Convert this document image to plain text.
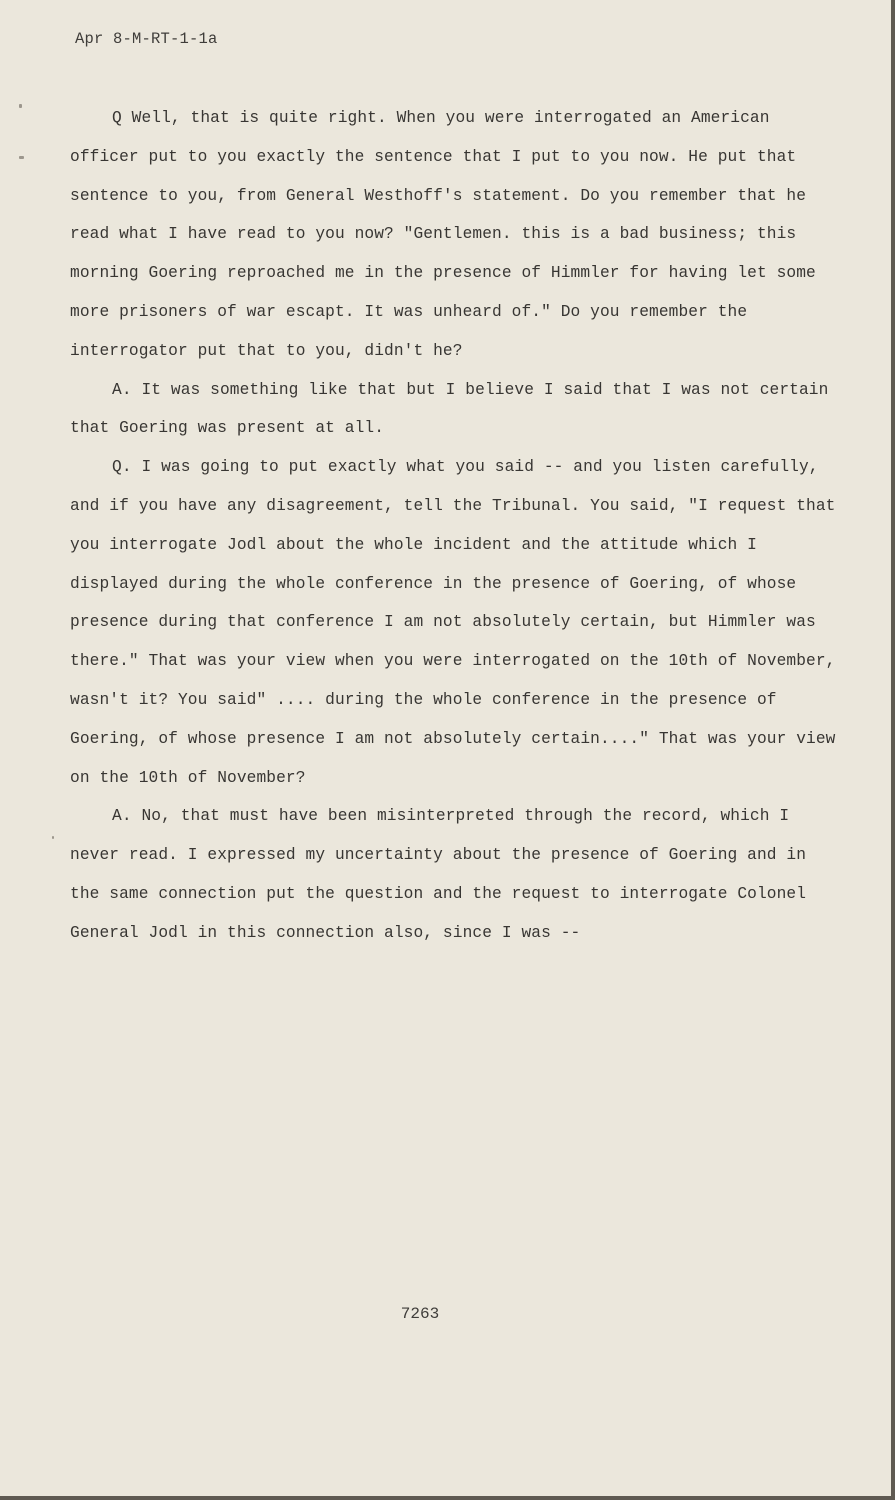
Apr 8-M-RT-1-1a

Q Well, that is quite right. When you were interrogated an American officer put to you exactly the sentence that I put to you now. He put that sentence to you, from General Westhoff's statement. Do you remember that he read what I have read to you now? "Gentlemen. this is a bad business; this morning Goering reproached me in the presence of Himmler for having let some more prisoners of war escapt. It was unheard of." Do you remember the interrogator put that to you, didn't he?

A. It was something like that but I believe I said that I was not certain that Goering was present at all.

Q. I was going to put exactly what you said -- and you listen carefully, and if you have any disagreement, tell the Tribunal. You said, "I request that you interrogate Jodl about the whole incident and the attitude which I displayed during the whole conference in the presence of Goering, of whose presence during that conference I am not absolutely certain, but Himmler was there." That was your view when you were interrogated on the 10th of November, wasn't it? You said" .... during the whole conference in the presence of Goering, of whose presence I am not absolutely certain...." That was your view on the 10th of November?

A. No, that must have been misinterpreted through the record, which I never read. I expressed my uncertainty about the presence of Goering and in the same connection put the question and the request to interrogate Colonel General Jodl in this connection also, since I was --

7263
